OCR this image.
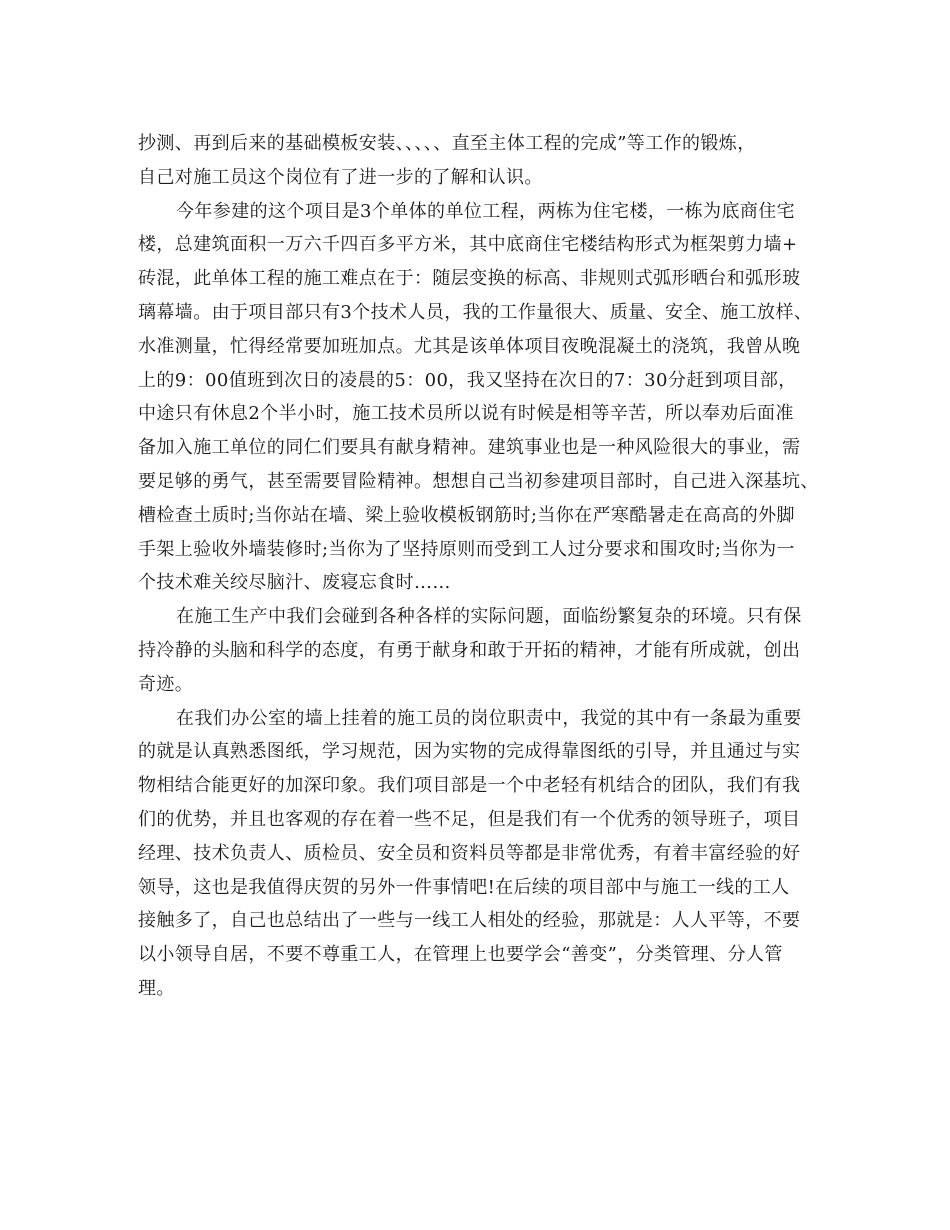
抄测、再到后来的基础模板安装、、、、、直至主体工程的完成”等工作的锻炼，
自己对施工员这个岗位有了进一步的了解和认识。
今年参建的这个项目是3个单体的单位工程，两栋为住宅楼，一栋为底商住宅
楼，总建筑面积一万六千四百多平方米，其中底商住宅楼结构形式为框架剪力墙+
砖混，此单体工程的施工难点在于：随层变换的标高、非规则式弧形晒台和弧形玻
璃幕墙。由于项目部只有3个技术人员，我的工作量很大、质量、安全、施工放样、
水准测量，忙得经常要加班加点。尤其是该单体项目夜晚混凝土的浇筑，我曾从晚
上的9：00值班到次日的凌晨的5：00，我又坚持在次日的7：30分赶到项目部，
中途只有休息2个半小时，施工技术员所以说有时候是相等辛苦，所以奉劝后面准
备加入施工单位的同仁们要具有献身精神。建筑事业也是一种风险很大的事业，需
要足够的勇气，甚至需要冒险精神。想想自己当初参建项目部时，自己进入深基坑、
槽检查土质时;当你站在墙、梁上验收模板钢筋时;当你在严寒酷暑走在高高的外脚
手架上验收外墙装修时;当你为了坚持原则而受到工人过分要求和围攻时;当你为一
个技术难关绞尽脑汁、废寝忘食时……
在施工生产中我们会碰到各种各样的实际问题，面临纷繁复杂的环境。只有保
持冷静的头脑和科学的态度，有勇于献身和敢于开拓的精神，才能有所成就，创出
奇迹。
在我们办公室的墙上挂着的施工员的岗位职责中，我觉的其中有一条最为重要
的就是认真熟悉图纸，学习规范，因为实物的完成得靠图纸的引导，并且通过与实
物相结合能更好的加深印象。我们项目部是一个中老轻有机结合的团队，我们有我
们的优势，并且也客观的存在着一些不足，但是我们有一个优秀的领导班子，项目
经理、技术负责人、质检员、安全员和资料员等都是非常优秀，有着丰富经验的好
领导，这也是我值得庆贺的另外一件事情吧!在后续的项目部中与施工一线的工人
接触多了，自己也总结出了一些与一线工人相处的经验，那就是：人人平等，不要
以小领导自居，不要不尊重工人，在管理上也要学会“善变”，分类管理、分人管
理。
